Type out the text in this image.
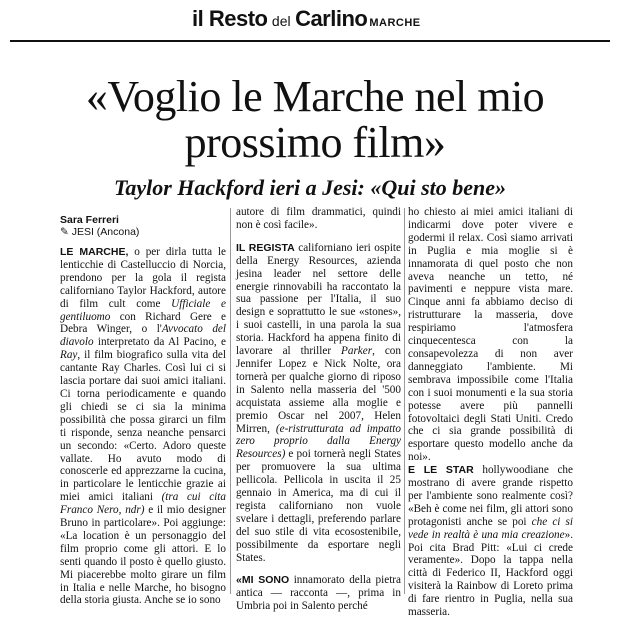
il Resto del Carlino MARCHE
«Voglio le Marche nel mio prossimo film»
Taylor Hackford ieri a Jesi: «Qui sto bene»
Sara Ferreri
✎ JESI (Ancona)

LE MARCHE, o per dirla tutta le lenticchie di Castelluccio di Norcia, prendono per la gola il regista californiano Taylor Hackford, autore di film cult come Ufficiale e gentiluomo con Richard Gere e Debra Winger, o l'Avvocato del diavolo interpretato da Al Pacino, e Ray, il film biografico sulla vita del cantante Ray Charles. Così lui ci si lascia portare dai suoi amici italiani. Ci torna periodicamente e quando gli chiedi se ci sia la minima possibilità che possa girarci un film ti risponde, senza neanche pensarci un secondo: «Certo. Adoro queste vallate. Ho avuto modo di conoscerle ed apprezzarne la cucina, in particolare le lenticchie grazie ai miei amici italiani (tra cui cita Franco Nero, ndr) e il mio designer Bruno in particolare». Poi aggiunge: «La location è un personaggio del film proprio come gli attori. E lo senti quando il posto è quello giusto. Mi piacerebbe molto girare un film in Italia e nelle Marche, ho bisogno della storia giusta. Anche se io sono

autore di film drammatici, quindi non è così facile».

IL REGISTA californiano ieri ospite della Energy Resources, azienda jesina leader nel settore delle energie rinnovabili ha raccontato la sua passione per l'Italia, il suo design e soprattutto le sue «stones», i suoi castelli, in una parola la sua storia. Hackford ha appena finito di lavorare al thriller Parker, con Jennifer Lopez e Nick Nolte, ora tornerà per qualche giorno di riposo in Salento nella masseria del '500 acquistata assieme alla moglie e premio Oscar nel 2007, Helen Mirren, (e-ristrutturata ad impatto zero proprio dalla Energy Resources) e poi tornerà negli States per promuovere la sua ultima pellicola. Pellicola in uscita il 25 gennaio in America, ma di cui il regista californiano non vuole svelare i dettagli, preferendo parlare del suo stile di vita ecosostenibile, possibilmente da esportare negli States.

«MI SONO innamorato della pietra antica — racconta —, prima in Umbria poi in Salento perché

ho chiesto ai miei amici italiani di indicarmi dove poter vivere e godermi il relax. Così siamo arrivati in Puglia e mia moglie si è innamorata di quel posto che non aveva neanche un tetto, né pavimenti e neppure vista mare. Cinque anni fa abbiamo deciso di ristrutturare la masseria, dove respiriamo l'atmosfera cinquecentesca con la consapevolezza di non aver danneggiato l'ambiente. Mi sembrava impossibile come l'Italia con i suoi monumenti e la sua storia potesse avere più pannelli fotovoltaici degli Stati Uniti. Credo che ci sia grande possibilità di esportare questo modello anche da noi».

E LE STAR hollywoodiane che mostrano di avere grande rispetto per l'ambiente sono realmente così? «Beh è come nei film, gli attori sono protagonisti anche se poi che ci si vede in realtà è una mia creazione». Poi cita Brad Pitt: «Lui ci crede veramente». Dopo la tappa nella città di Federico II, Hackford oggi visiterà la Rainbow di Loreto prima di fare rientro in Puglia, nella sua masseria.
